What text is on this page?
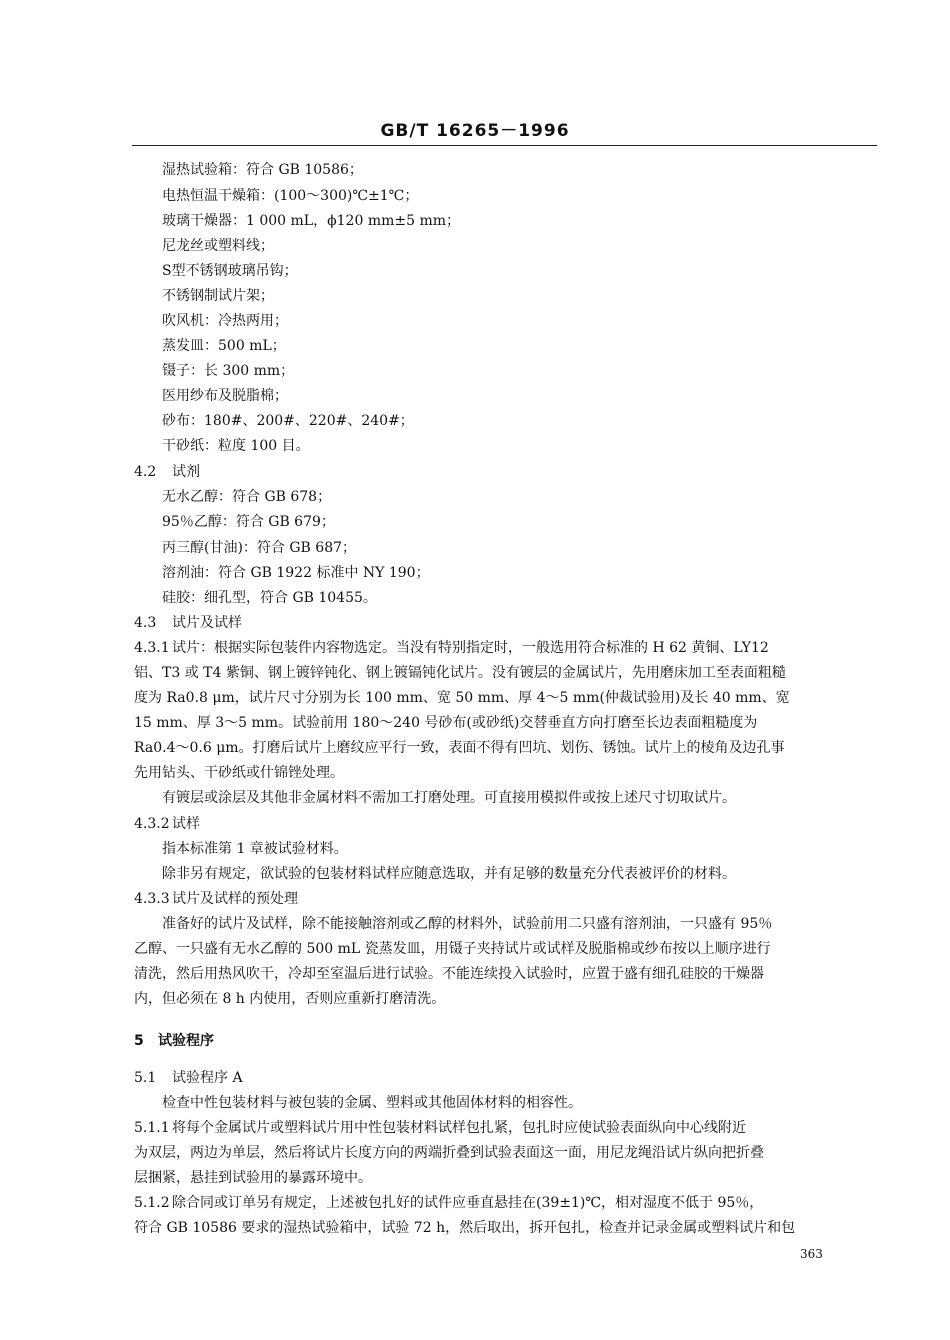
GB/T 16265－1996
湿热试验箱：符合 GB 10586；
电热恒温干燥箱：(100～300)℃±1℃；
玻璃干燥器：1 000 mL，ϕ120 mm±5 mm；
尼龙丝或塑料线；
S型不锈钢玻璃吊钩；
不锈钢制试片架；
吹风机：冷热两用；
蒸发皿：500 mL；
镊子：长 300 mm；
医用纱布及脱脂棉；
砂布：180#、200#、220#、240#；
干砂纸：粒度 100 目。
4.2 试剂
无水乙醇：符合 GB 678；
95％乙醇：符合 GB 679；
丙三醇(甘油)：符合 GB 687；
溶剂油：符合 GB 1922 标准中 NY 190；
硅胶：细孔型，符合 GB 10455。
4.3 试片及试样
4.3.1 试片：根据实际包装件内容物选定。当没有特别指定时，一般选用符合标准的 H 62 黄铜、LY12
铝、T3 或 T4 紫铜、钢上镀锌钝化、钢上镀镉钝化试片。没有镀层的金属试片，先用磨床加工至表面粗糙
度为 Ra0.8 μm，试片尺寸分别为长 100 mm、宽 50 mm、厚 4～5 mm(仲裁试验用)及长 40 mm、宽
15 mm、厚 3～5 mm。试验前用 180～240 号砂布(或砂纸)交替垂直方向打磨至长边表面粗糙度为
Ra0.4～0.6 μm。打磨后试片上磨纹应平行一致，表面不得有凹坑、划伤、锈蚀。试片上的棱角及边孔事
先用钻头、干砂纸或什锦锉处理。
有镀层或涂层及其他非金属材料不需加工打磨处理。可直接用模拟件或按上述尺寸切取试片。
4.3.2 试样
指本标准第 1 章被试验材料。
除非另有规定，欲试验的包装材料试样应随意选取，并有足够的数量充分代表被评价的材料。
4.3.3 试片及试样的预处理
准备好的试片及试样，除不能接触溶剂或乙醇的材料外，试验前用二只盛有溶剂油，一只盛有 95％
乙醇、一只盛有无水乙醇的 500 mL 瓷蒸发皿，用镊子夹持试片或试样及脱脂棉或纱布按以上顺序进行
清洗，然后用热风吹干，冷却至室温后进行试验。不能连续投入试验时，应置于盛有细孔硅胶的干燥器
内，但必须在 8 h 内使用，否则应重新打磨清洗。
5 试验程序
5.1 试验程序 A
检查中性包装材料与被包装的金属、塑料或其他固体材料的相容性。
5.1.1 将每个金属试片或塑料试片用中性包装材料试样包扎紧，包扎时应使试验表面纵向中心线附近
为双层，两边为单层，然后将试片长度方向的两端折叠到试验表面这一面，用尼龙绳沿试片纵向把折叠
层捆紧，悬挂到试验用的暴露环境中。
5.1.2 除合同或订单另有规定，上述被包扎好的试件应垂直悬挂在(39±1)℃，相对湿度不低于 95％，
符合 GB 10586 要求的湿热试验箱中，试验 72 h，然后取出，拆开包扎，检查并记录金属或塑料试片和包
363
